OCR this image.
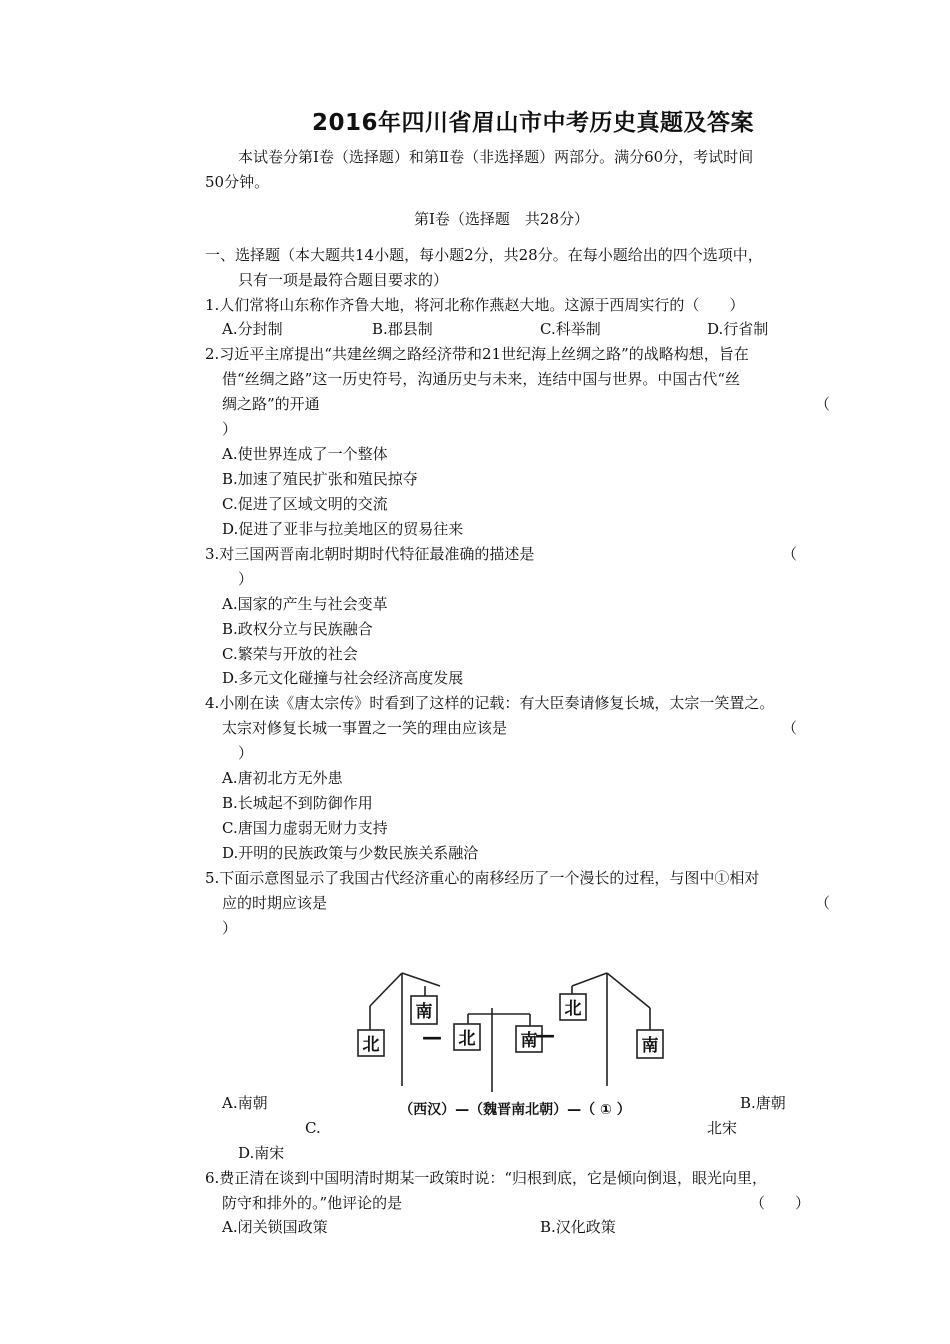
2016年四川省眉山市中考历史真题及答案
本试卷分第Ⅰ卷（选择题）和第Ⅱ卷（非选择题）两部分。满分60分，考试时间
50分钟。
第Ⅰ卷（选择题　共28分）
一、选择题（本大题共14小题，每小题2分，共28分。在每小题给出的四个选项中，
只有一项是最符合题目要求的）
1.人们常将山东称作齐鲁大地，将河北称作燕赵大地。这源于西周实行的（　　）
A.分封制	B.郡县制	C.科举制	D.行省制
2.习近平主席提出“共建丝绸之路经济带和21世纪海上丝绸之路”的战略构想，旨在
借“丝绸之路”这一历史符号，沟通历史与未来，连结中国与世界。中国古代“丝
绸之路”的开通	（
）
A.使世界连成了一个整体
B.加速了殖民扩张和殖民掠夺
C.促进了区域文明的交流
D.促进了亚非与拉美地区的贸易往来
3.对三国两晋南北朝时期时代特征最准确的描述是	（
）
A.国家的产生与社会变革
B.政权分立与民族融合
C.繁荣与开放的社会
D.多元文化碰撞与社会经济高度发展
4.小刚在读《唐太宗传》时看到了这样的记载：有大臣奏请修复长城，太宗一笑置之。
太宗对修复长城一事置之一笑的理由应该是	（
）
A.唐初北方无外患
B.长城起不到防御作用
C.唐国力虚弱无财力支持
D.开明的民族政策与少数民族关系融洽
5.下面示意图显示了我国古代经济重心的南移经历了一个漫长的过程，与图中①相对
应的时期应该是	（
）
北
南
北	南
北
南
—	—
（西汉）—（魏晋南北朝）—（ ① ）
A.南朝	B.唐朝
C.	北宋
D.南宋
6.费正清在谈到中国明清时期某一政策时说：“归根到底，它是倾向倒退，眼光向里，
防守和排外的。”他评论的是	（　　）
A.闭关锁国政策	B.汉化政策
